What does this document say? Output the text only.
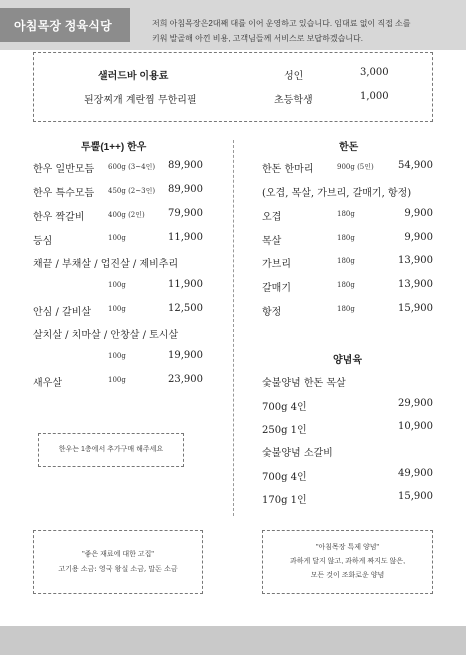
아침목장 정육식당	저희 아침목장은2대째 대를 이어 운영하고 있습니다. 임대료 없이 직접 소를
키워 발골해 아낀 비용, 고객님들께 서비스로 보답하겠습니다.
샐러드바 이용료
된장찌개 계란찜 무한리필
성인	3,000
초등학생	1,000
투뿔(1++) 한우
한우 일반모듬 600g (3~4인) 89,900
한우 특수모듬 450g (2~3인) 89,900
한우 짝갈비	400g (2인) 79,900
등심	100g	11,900
채끝 / 부채살 / 업진살 / 제비추리
100g	11,900
안심 / 갈비살 100g	12,500
살치살 / 치마살 / 안창살 / 토시살
100g	19,900
새우살	100g	23,900
한우는 1층에서 추가구매 해주세요
한돈
한돈 한마리	900g (5인) 54,900
(오겹, 목살, 가브리, 갈매기, 항정)
오겹	180g	9,900
목살	180g	9,900
가브리	180g	13,900
갈매기	180g	13,900
항정	180g	15,900
양념육
숯불양념 한돈 목살
700g 4인	29,900
250g 1인	10,900
숯불양념 소갈비
700g 4인	49,900
170g 1인	15,900
"좋은 재료에 대한 고집"
고기용 소금: 영국 왕실 소금, 말돈 소금
"아침목장 특제 양념"
과하게 달지 않고, 과하게 짜지도 않은,
모든 것이 조화로운 양념
